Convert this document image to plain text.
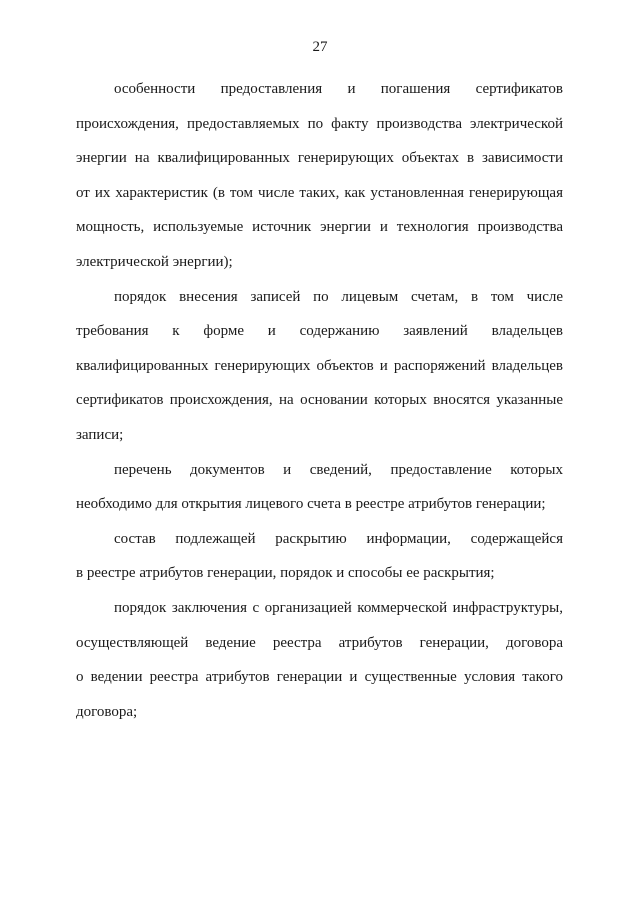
27
особенности предоставления и погашения сертификатов
происхождения, предоставляемых по факту производства электрической
энергии на квалифицированных генерирующих объектах в зависимости
от их характеристик (в том числе таких, как установленная генерирующая
мощность, используемые источник энергии и технология производства
электрической энергии);
порядок внесения записей по лицевым счетам, в том числе
требования к форме и содержанию заявлений владельцев
квалифицированных генерирующих объектов и распоряжений владельцев
сертификатов происхождения, на основании которых вносятся указанные
записи;
перечень документов и сведений, предоставление которых
необходимо для открытия лицевого счета в реестре атрибутов генерации;
состав подлежащей раскрытию информации, содержащейся
в реестре атрибутов генерации, порядок и способы ее раскрытия;
порядок заключения с организацией коммерческой инфраструктуры,
осуществляющей ведение реестра атрибутов генерации, договора
о ведении реестра атрибутов генерации и существенные условия такого
договора;
